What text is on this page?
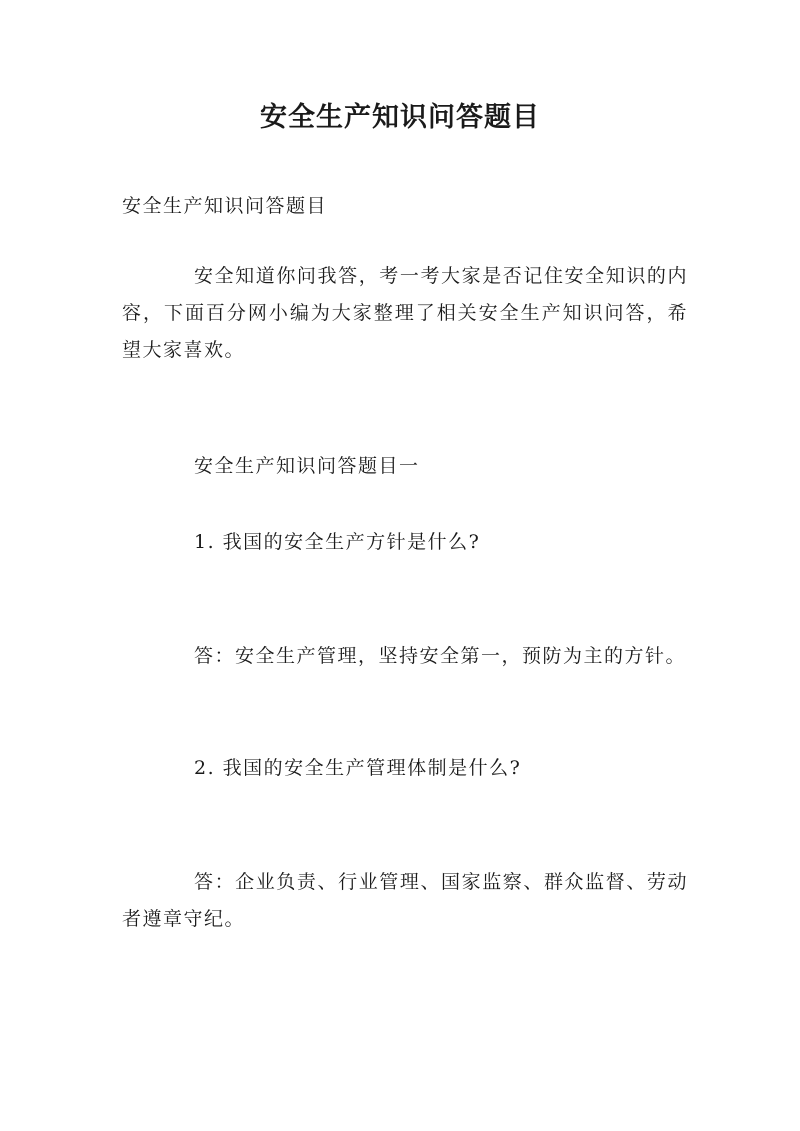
安全生产知识问答题目

安全生产知识问答题目

安全知道你问我答，考一考大家是否记住安全知识的内容，下面百分网小编为大家整理了相关安全生产知识问答，希望大家喜欢。

安全生产知识问答题目一

1. 我国的安全生产方针是什么?

答：安全生产管理，坚持安全第一，预防为主的方针。

2. 我国的安全生产管理体制是什么?

答：企业负责、行业管理、国家监察、群众监督、劳动者遵章守纪。
